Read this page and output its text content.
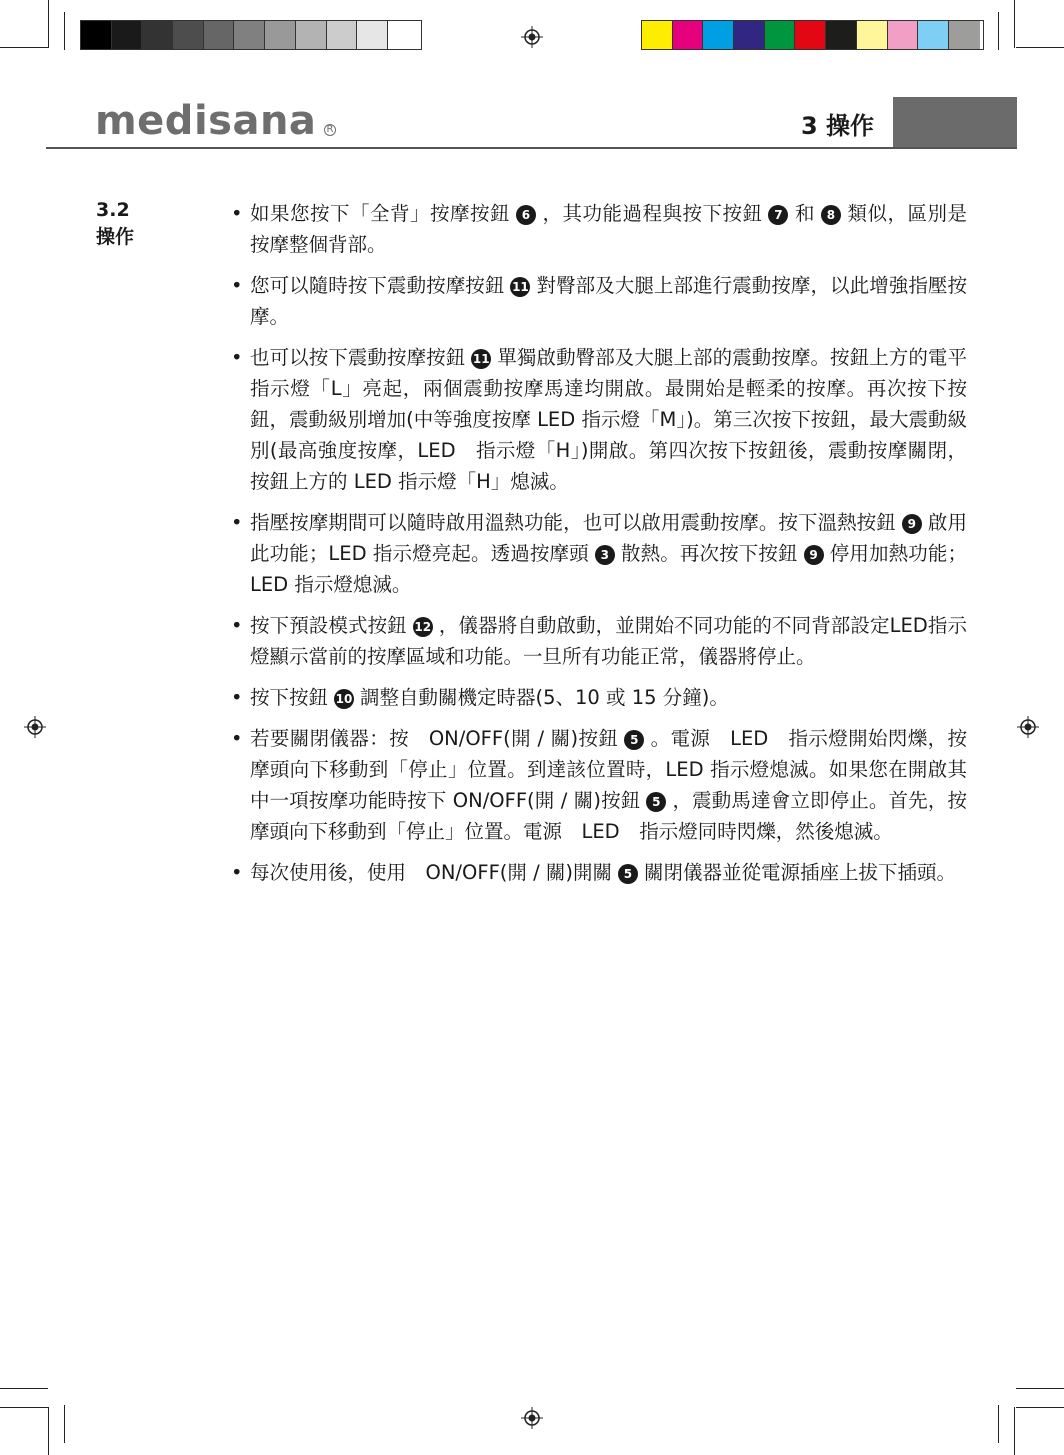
medisana R	3 操作
3.2
操作
• 如果您按下「全背」按摩按鈕 6 ，其功能過程與按下按鈕 7 和 8 類似，區別是按摩整個背部。
• 您可以隨時按下震動按摩按鈕 11 對臀部及大腿上部進行震動按摩，以此增強指壓按摩。
• 也可以按下震動按摩按鈕 11 單獨啟動臀部及大腿上部的震動按摩。按鈕上方的電平指示燈「L」亮起，兩個震動按摩馬達均開啟。最開始是輕柔的按摩。再次按下按鈕，震動級別增加(中等強度按摩 LED 指示燈「M」)。第三次按下按鈕，最大震動級別(最高強度按摩，LED　指示燈「H」)開啟。第四次按下按鈕後，震動按摩關閉，按鈕上方的 LED 指示燈「H」熄滅。
• 指壓按摩期間可以隨時啟用溫熱功能，也可以啟用震動按摩。按下溫熱按鈕 9 啟用此功能；LED 指示燈亮起。透過按摩頭 3 散熱。再次按下按鈕 9 停用加熱功能；LED 指示燈熄滅。
• 按下預設模式按鈕 12 ，儀器將自動啟動，並開始不同功能的不同背部設定LED指示燈顯示當前的按摩區域和功能。一旦所有功能正常，儀器將停止。
• 按下按鈕 10 調整自動關機定時器(5、10 或 15 分鐘)。
• 若要關閉儀器：按　ON/OFF(開 / 關)按鈕 5 。電源　LED　指示燈開始閃爍，按摩頭向下移動到「停止」位置。到達該位置時，LED 指示燈熄滅。如果您在開啟其中一項按摩功能時按下 ON/OFF(開 / 關)按鈕 5 ，震動馬達會立即停止。首先，按摩頭向下移動到「停止」位置。電源　LED　指示燈同時閃爍，然後熄滅。
• 每次使用後，使用　ON/OFF(開 / 關)開關 5 關閉儀器並從電源插座上拔下插頭。
